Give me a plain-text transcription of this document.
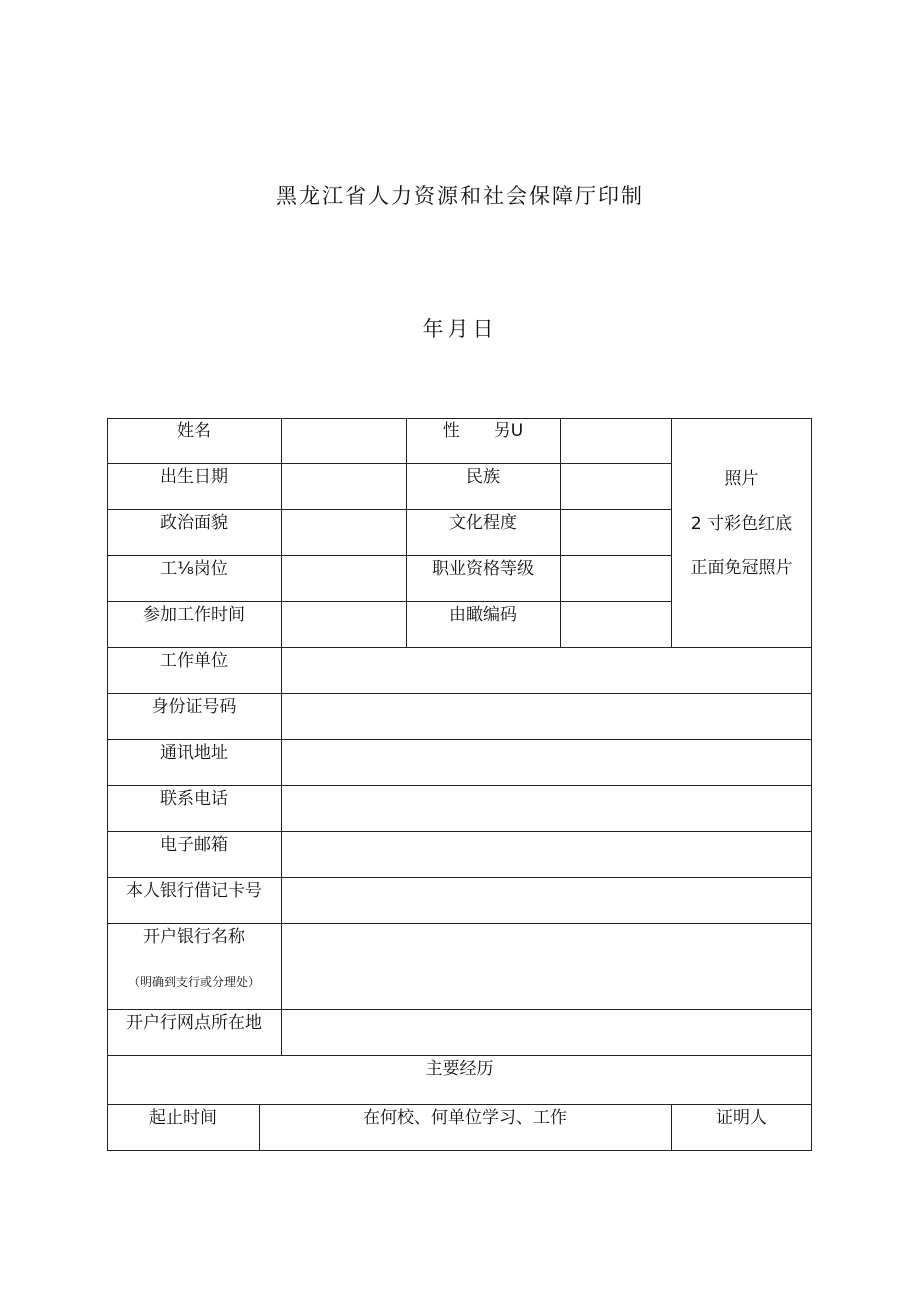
黑龙江省人力资源和社会保障厅印制
年月日
姓名
出生日期
政治面貌
工⅛岗位
参加工作时间
工作单位
身份证号码
通讯地址
联系电话
电子邮箱
本人银行借记卡号
开户银行名称
（明确到支行或分理处）
开户行网点所在地
性　　另U
民族
文化程度
职业资格等级
由瞰编码
照片
2 寸彩色红底
正面免冠照片
主要经历
起止时间	在何校、何单位学习、工作	证明人
